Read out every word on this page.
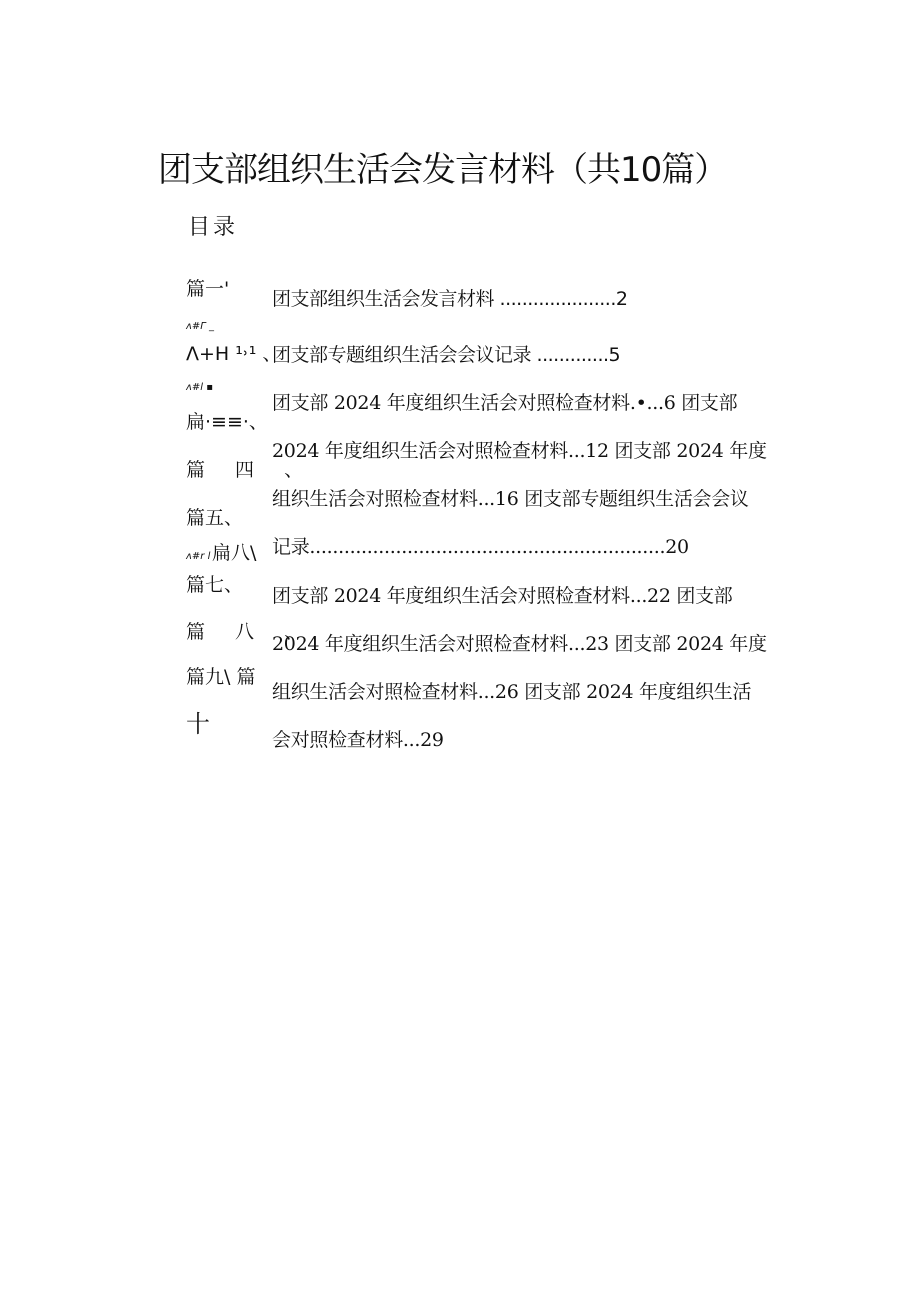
团支部组织生活会发言材料（共10篇）
目录
篇一'
ʌ#Γ _
Λ+H ¹˒¹ 、
ʌ#l ▪
扁·≡≡·、
篇 四 、
篇五、
ʌ#r l 扁八\
篇七、
篇 八 、
篇九\ 篇
十
团支部组织生活会发言材料 .....................2
团支部专题组织生活会会议记录 .............5
团支部 2024 年度组织生活会对照检查材料.•...6 团支部
2024 年度组织生活会对照检查材料...12 团支部 2024 年度
组织生活会对照检查材料...16 团支部专题组织生活会会议
记录..............................................................20
团支部 2024 年度组织生活会对照检查材料...22 团支部
2024 年度组织生活会对照检查材料...23 团支部 2024 年度
组织生活会对照检查材料...26 团支部 2024 年度组织生活
会对照检查材料...29
